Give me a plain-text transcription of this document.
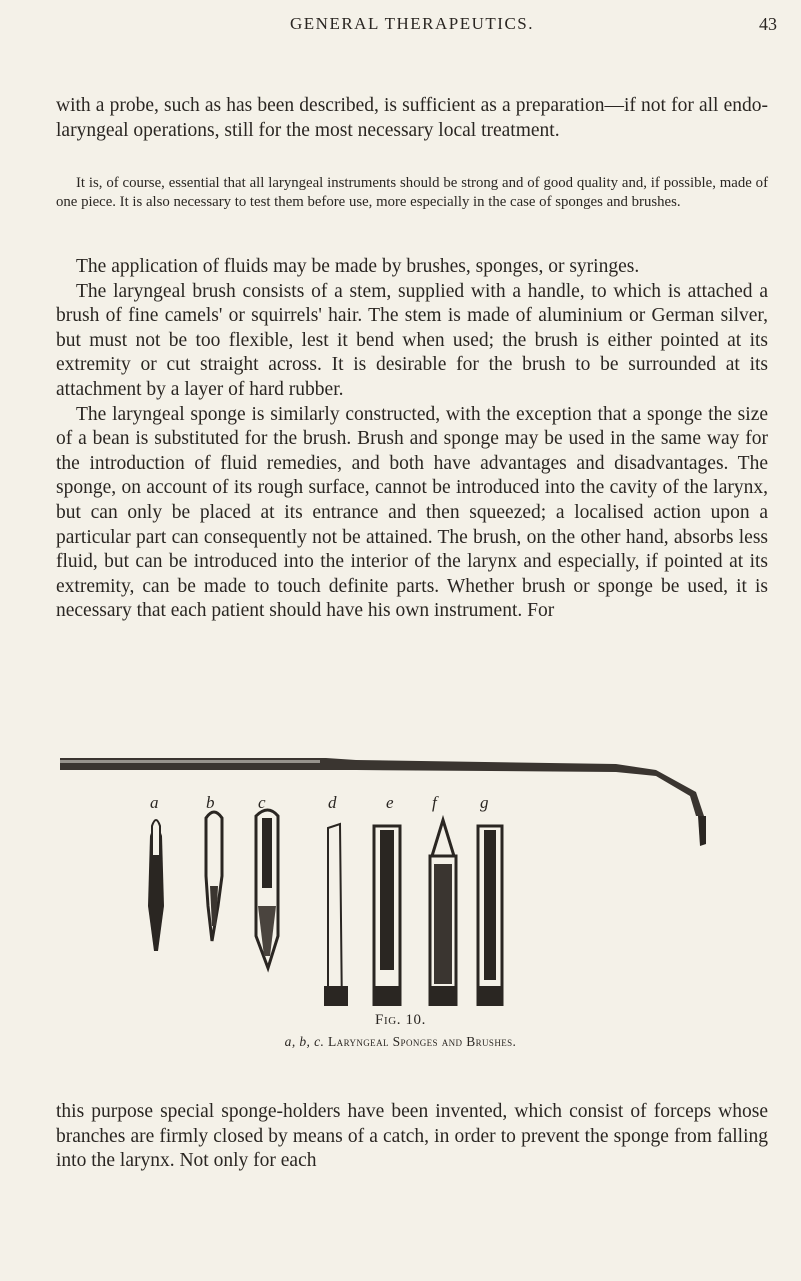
GENERAL THERAPEUTICS.	43

with a probe, such as has been described, is sufficient as a preparation—if not for all endo-laryngeal operations, still for the most necessary local treatment.

It is, of course, essential that all laryngeal instruments should be strong and of good quality and, if possible, made of one piece. It is also necessary to test them before use, more especially in the case of sponges and brushes.

The application of fluids may be made by brushes, sponges, or syringes.

The laryngeal brush consists of a stem, supplied with a handle, to which is attached a brush of fine camels' or squirrels' hair. The stem is made of aluminium or German silver, but must not be too flexible, lest it bend when used; the brush is either pointed at its extremity or cut straight across. It is desirable for the brush to be surrounded at its attachment by a layer of hard rubber.

The laryngeal sponge is similarly constructed, with the exception that a sponge the size of a bean is substituted for the brush. Brush and sponge may be used in the same way for the introduction of fluid remedies, and both have advantages and disadvantages. The sponge, on account of its rough surface, cannot be introduced into the cavity of the larynx, but can only be placed at its entrance and then squeezed; a localised action upon a particular part can consequently not be attained. The brush, on the other hand, absorbs less fluid, but can be introduced into the interior of the larynx and especially, if pointed at its extremity, can be made to touch definite parts. Whether brush or sponge be used, it is necessary that each patient should have his own instrument. For

a	b	c	d	e f	g
Fig. 10.
a, b, c. Laryngeal Sponges and Brushes.

this purpose special sponge-holders have been invented, which consist of forceps whose branches are firmly closed by means of a catch, in order to prevent the sponge from falling into the larynx. Not only for each
